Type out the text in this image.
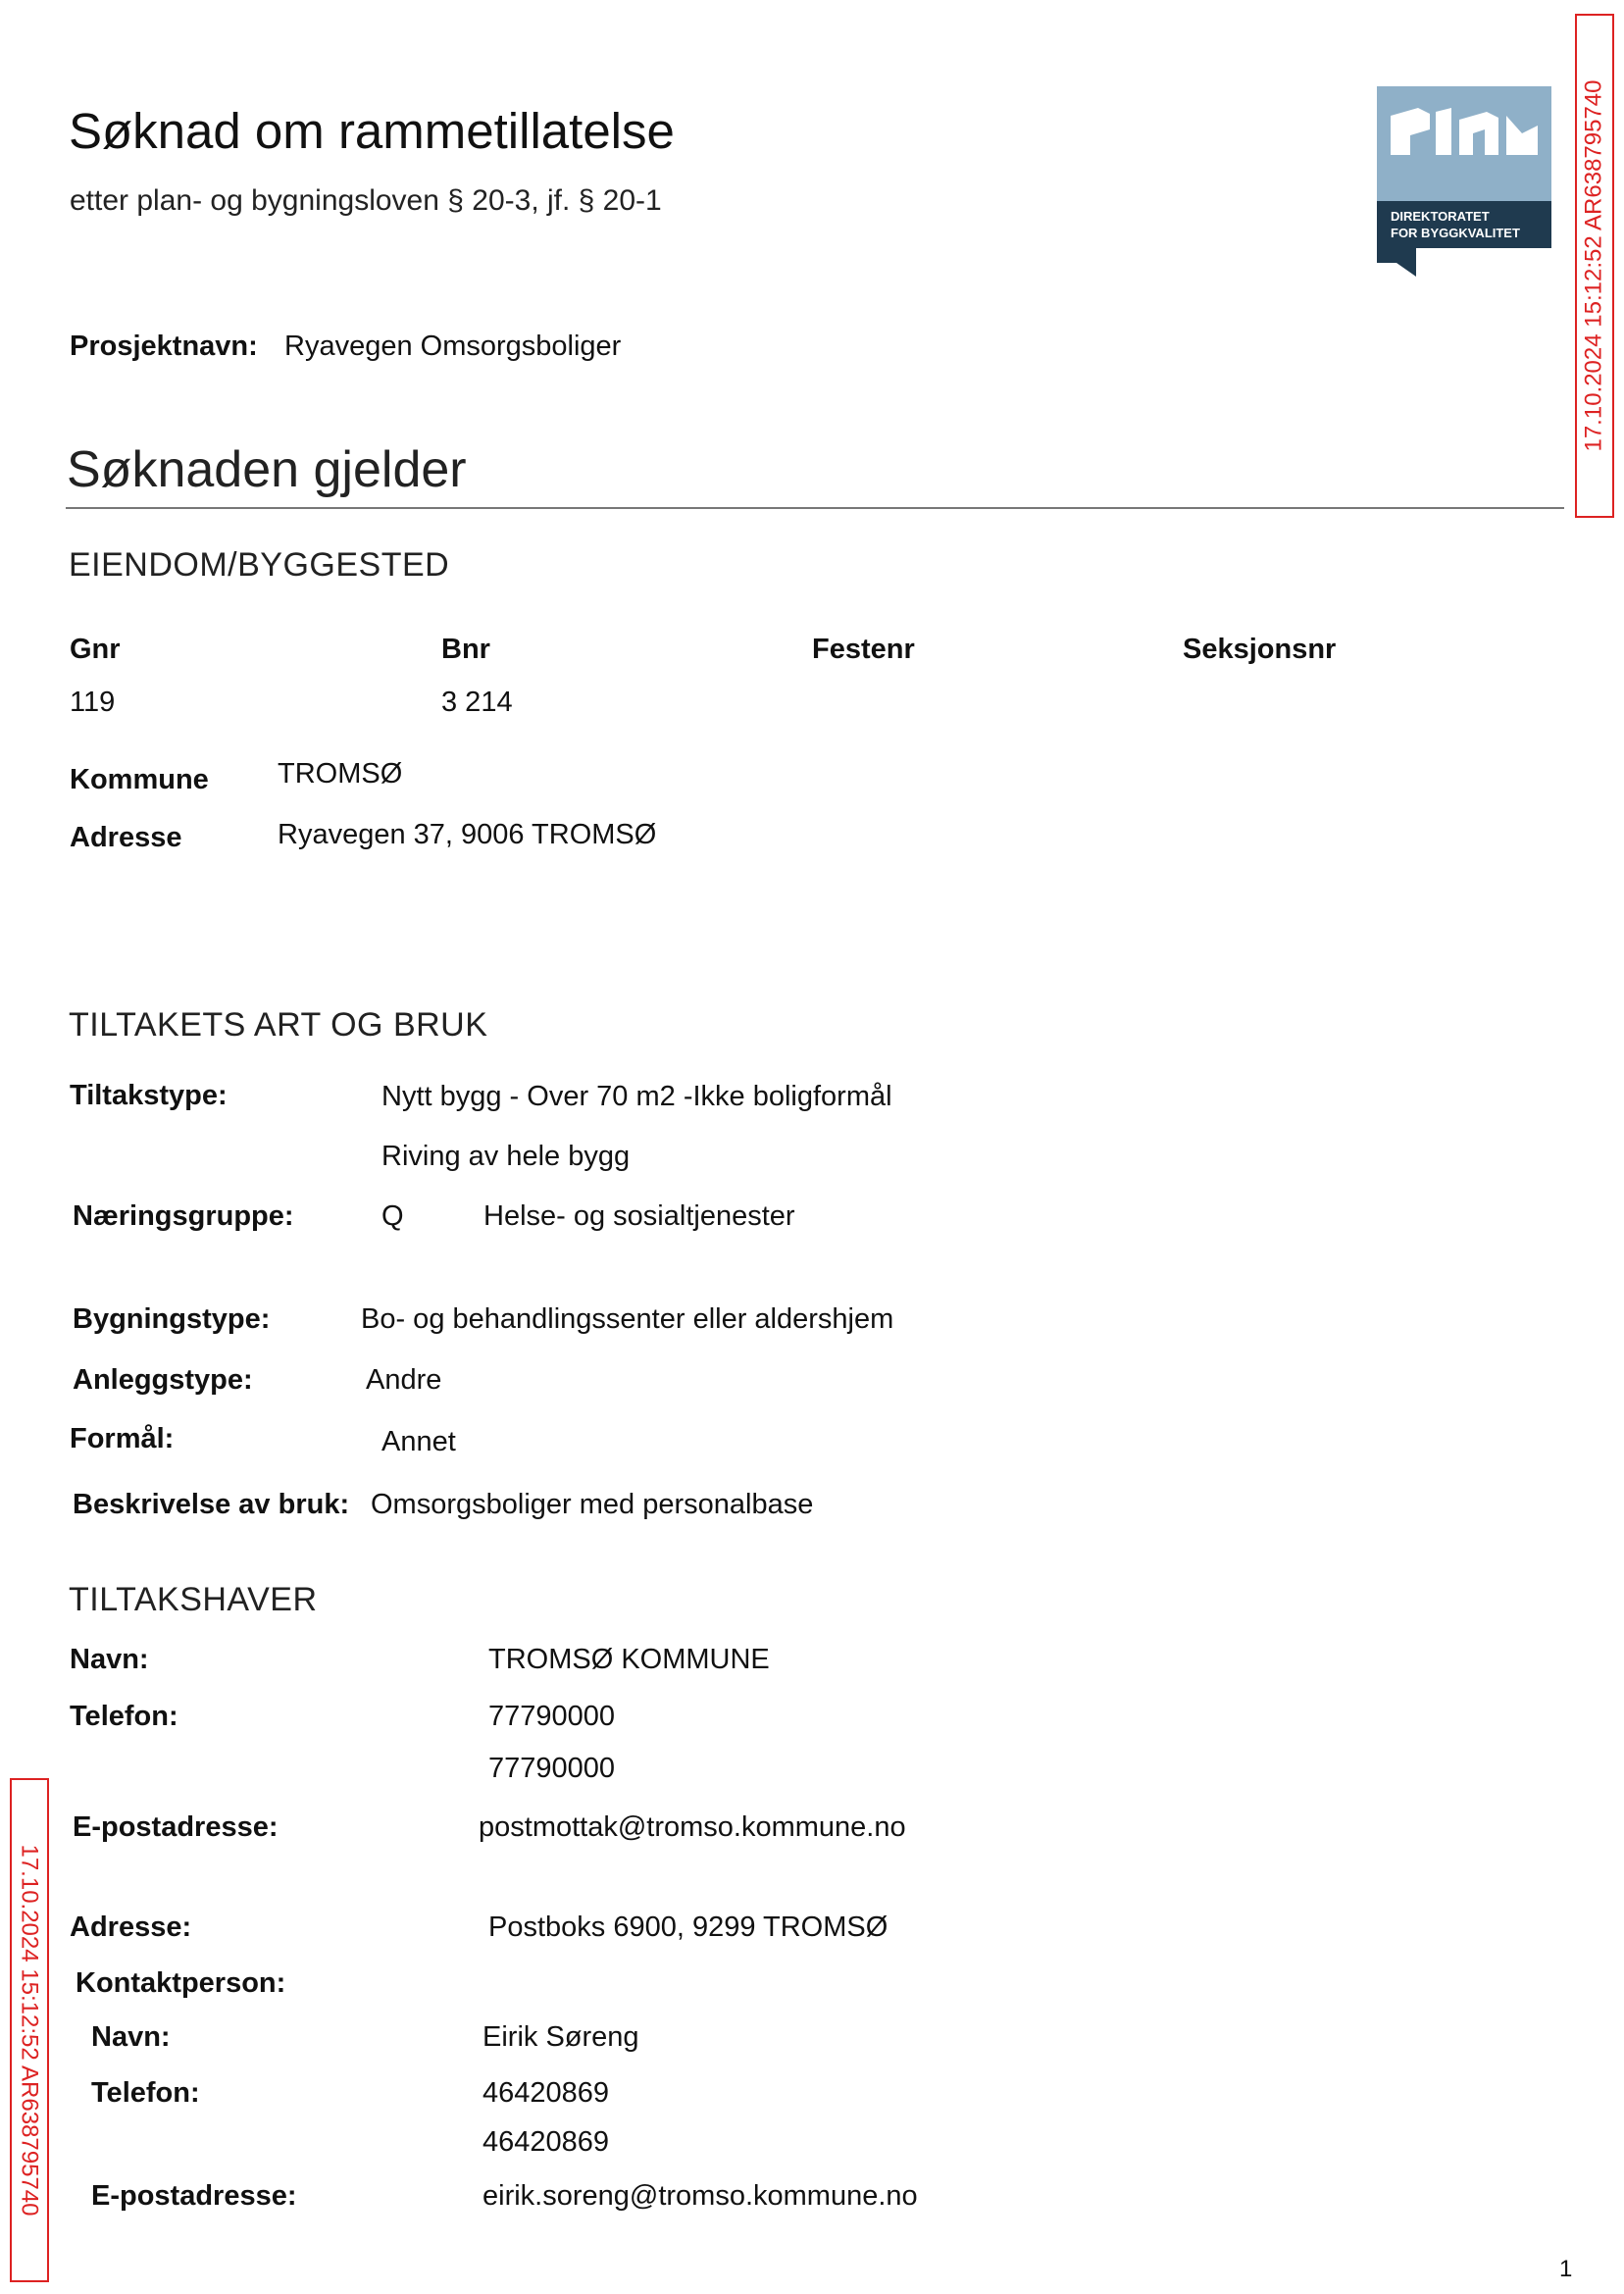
Søknad om rammetillatelse
etter plan- og bygningsloven § 20-3, jf. § 20-1	DIREKTORATET
FOR BYGGKVALITET	17.10.2024 15:12:52 AR638795740
17.10.2024 15:12:52 AR638795740
Prosjektnavn: Ryavegen Omsorgsboliger
Søknaden gjelder
EIENDOM/BYGGESTED
Gnr	Bnr	Festenr	Seksjonsnr
119	3 214
Kommune TROMSØ
Adresse	Ryavegen 37, 9006 TROMSØ
TILTAKETS ART OG BRUK
Tiltakstype:	Nytt bygg - Over 70 m2 -Ikke boligformål
Riving av hele bygg
Næringsgruppe:	Q	Helse- og sosialtjenester
Bygningstype:	Bo- og behandlingssenter eller aldershjem
Anleggstype:	Andre
Formål:	Annet
Beskrivelse av bruk: Omsorgsboliger med personalbase
TILTAKSHAVER
Navn:	TROMSØ KOMMUNE
Telefon:	77790000
77790000
E-postadresse:	postmottak@tromso.kommune.no
Adresse:	Postboks 6900, 9299 TROMSØ
Kontaktperson:
Navn:	Eirik Søreng
Telefon:	46420869
46420869
E-postadresse:	eirik.soreng@tromso.kommune.no
1
